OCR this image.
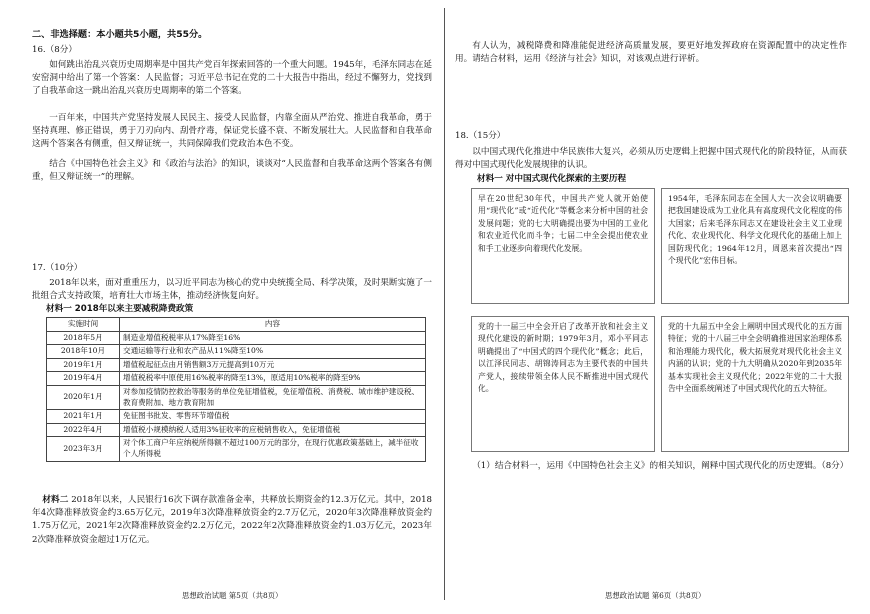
二、非选择题：本小题共5小题，共55分。
16.（8分）

如何跳出治乱兴衰历史周期率是中国共产党百年探索回答的一个重大问题。1945年，毛泽东同志在延安窑洞中给出了第一个答案：人民监督；习近平总书记在党的二十大报告中指出，经过不懈努力，党找到了自我革命这一跳出治乱兴衰历史周期率的第二个答案。

一百年来，中国共产党坚持发展人民民主、接受人民监督，内靠全面从严治党、推进自我革命，勇于坚持真理、修正错误，勇于刀刃向内、刮骨疗毒，保证党长盛不衰、不断发展壮大。人民监督和自我革命这两个答案各有侧重，但又辩证统一，共同保障我们党政治本色不变。

结合《中国特色社会主义》和《政治与法治》的知识，谈谈对“人民监督和自我革命这两个答案各有侧重，但又辩证统一”的理解。

17.（10分）

2018年以来，面对重重压力，以习近平同志为核心的党中央统揽全局、科学决策，及时果断实施了一批组合式支持政策，培育壮大市场主体，推动经济恢复向好。

材料一 2018年以来主要减税降费政策
实施时间	内容
2018年5月	制造业增值税税率从17%降至16%
2018年10月	交通运输等行业和农产品从11%降至10%
2019年1月	增值税起征点由月销售额3万元提高到10万元
2019年4月	增值税税率中原使用16%税率的降至13%，原适用10%税率的降至9%
2020年1月	对参加疫情防控救治等服务的单位免征增值税，免征增值税、消费税、城市维护建设税、教育费附加、地方教育附加
2021年1月	免征图书批发、零售环节增值税
2022年4月	增值税小规模纳税人适用3%征收率的应税销售收入，免征增值税
2023年3月	对个体工商户年应纳税所得额不超过100万元的部分，在现行优惠政策基础上，减半征收个人所得税

材料二 2018年以来，人民银行16次下调存款准备金率，共释放长期资金约12.3万亿元。其中，2018年4次降准释放资金约3.65万亿元，2019年3次降准释放资金约2.7万亿元，2020年3次降准释放资金约1.75万亿元，2021年2次降准释放资金约2.2万亿元，2022年2次降准释放资金约1.03万亿元，2023年2次降准释放资金超过1万亿元。

思想政治试题 第5页（共8页）

有人认为，减税降费和降准能促进经济高质量发展，要更好地发挥政府在资源配置中的决定性作用。请结合材料，运用《经济与社会》知识，对该观点进行评析。

18.（15分）

以中国式现代化推进中华民族伟大复兴，必须从历史逻辑上把握中国式现代化的阶段特征，从而获得对中国式现代化发展规律的认识。

材料一 对中国式现代化探索的主要历程
早在20世纪30年代，中国共产党人就开始使用“现代化”或“近代化”等概念来分析中国的社会发展问题；党的七大明确提出要为中国的工业化和农业近代化而斗争；七届二中全会提出使农业和手工业逐步向着现代化发展。
1954年，毛泽东同志在全国人大一次会议明确要把我国建设成为工业化具有高度现代文化程度的伟大国家；后来毛泽东同志又在建设社会主义工业现代化、农业现代化、科学文化现代化的基础上加上国防现代化；1964年12月，周恩来首次提出“四个现代化”宏伟目标。
党的十一届三中全会开启了改革开放和社会主义现代化建设的新时期；1979年3月，邓小平同志明确提出了“中国式的四个现代化”概念；此后，以江泽民同志、胡锦涛同志为主要代表的中国共产党人，接续带领全体人民不断推进中国式现代化。
党的十九届五中全会上阐明中国式现代化的五方面特征；党的十八届三中全会明确推进国家治理体系和治理能力现代化，极大拓展党对现代化社会主义内涵的认识；党的十九大明确从2020年到2035年基本实现社会主义现代化；2022年党的二十大报告中全面系统阐述了中国式现代化的五大特征。

（1）结合材料一，运用《中国特色社会主义》的相关知识，阐释中国式现代化的历史逻辑。（8分）

思想政治试题 第6页（共8页）
